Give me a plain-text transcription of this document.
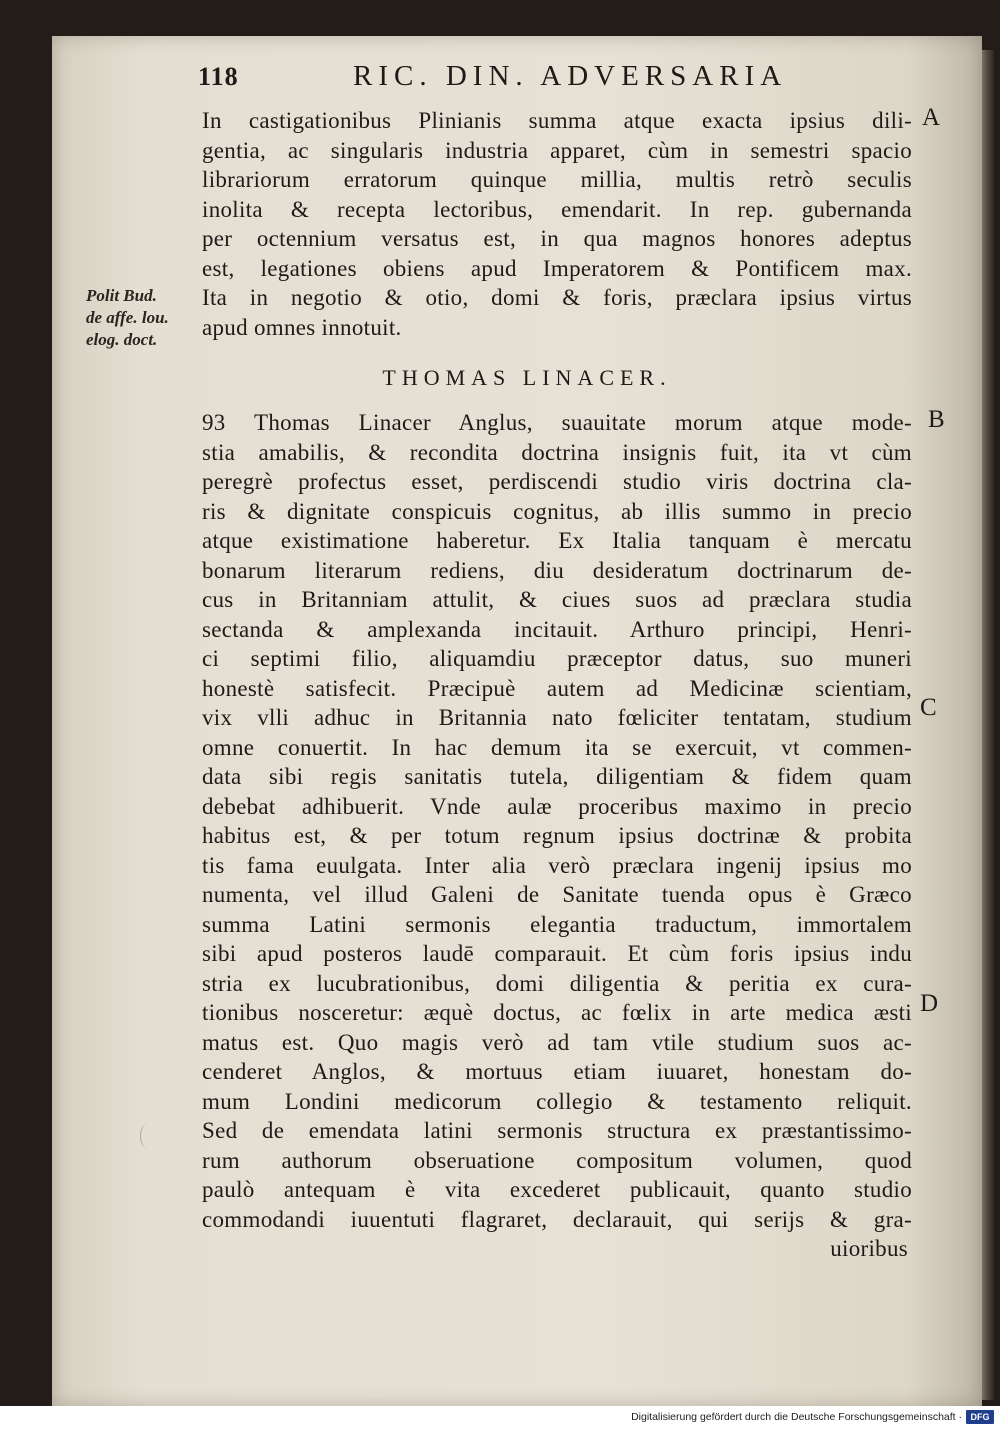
118	RIC. DIN. ADVERSARIA
Polit Bud.
de affe. lou.
elog. doct.
A
B
C
D
In castigationibus Plinianis summa atque exacta ipsius dili-
gentia, ac singularis industria apparet, cùm in semestri spacio
librariorum erratorum quinque millia, multis retrò seculis
inolita & recepta lectoribus, emendarit. In rep. gubernanda
per octennium versatus est, in qua magnos honores adeptus
est, legationes obiens apud Imperatorem & Pontificem max.
Ita in negotio & otio, domi & foris, præclara ipsius virtus
apud omnes innotuit.
THOMAS LINACER.
93 Thomas Linacer Anglus, suauitate morum atque mode-
stia amabilis, & recondita doctrina insignis fuit, ita vt cùm
peregrè profectus esset, perdiscendi studio viris doctrina cla-
ris & dignitate conspicuis cognitus, ab illis summo in precio
atque existimatione haberetur. Ex Italia tanquam è mercatu
bonarum literarum rediens, diu desideratum doctrinarum de-
cus in Britanniam attulit, & ciues suos ad præclara studia
sectanda & amplexanda incitauit. Arthuro principi, Henri-
ci septimi filio, aliquamdiu præceptor datus, suo muneri
honestè satisfecit. Præcipuè autem ad Medicinæ scientiam,
vix vlli adhuc in Britannia nato fœliciter tentatam, studium
omne conuertit. In hac demum ita se exercuit, vt commen-
data sibi regis sanitatis tutela, diligentiam & fidem quam
debebat adhibuerit. Vnde aulæ proceribus maximo in precio
habitus est, & per totum regnum ipsius doctrinæ & probita
tis fama euulgata. Inter alia verò præclara ingenij ipsius mo
numenta, vel illud Galeni de Sanitate tuenda opus è Græco
summa Latini sermonis elegantia traductum, immortalem
sibi apud posteros laudē comparauit. Et cùm foris ipsius indu
stria ex lucubrationibus, domi diligentia & peritia ex cura-
tionibus nosceretur: æquè doctus, ac fœlix in arte medica æsti
matus est. Quo magis verò ad tam vtile studium suos ac-
cenderet Anglos, & mortuus etiam iuuaret, honestam do-
mum Londini medicorum collegio & testamento reliquit.
Sed de emendata latini sermonis structura ex præstantissimo-
rum authorum obseruatione compositum volumen, quod
paulò antequam è vita excederet publicauit, quanto studio
commodandi iuuentuti flagraret, declarauit, qui serijs & gra-
uioribus
Digitalisierung gefördert durch die Deutsche Forschungsgemeinschaft · DFG
